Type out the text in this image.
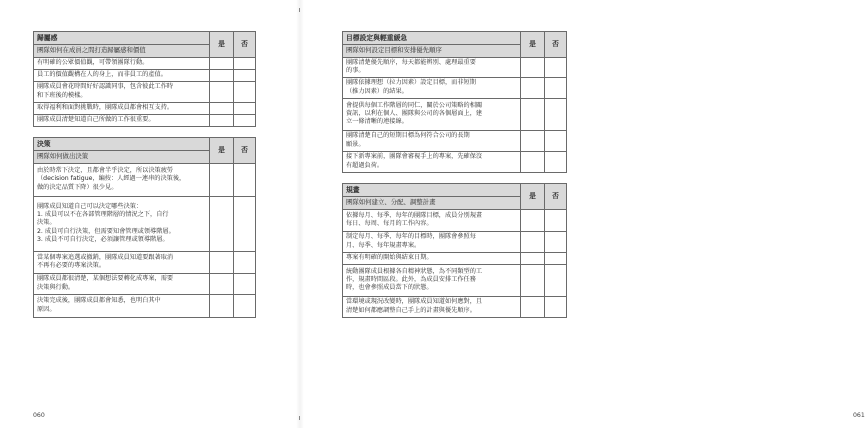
歸屬感	是	否
團隊如何在成員之間打造歸屬感和價值		
有明確的公眾價值觀，可帶領團隊行動。		
員工的價值觀構在人的身上，而非員工的產值。		
團隊成員會花時間好好認識同事，包含彼此工作時
和下班後的模樣。		
取得福利和面對挑戰時，團隊成員都會相互支持。		
團隊成員清楚知道自己所做的工作很重要。		

決策	是	否
團隊如何做出決策		
由於時常下決定，且都會半乎決定，所以決策疲勞
（decision fatigue，編按：人經過一連串的決策後，
做的決定品質下降）很少見。		
團隊成員知道自己可以決定哪些決策：
1. 成員可以不在各部管理階層的情況之下，自行
決策。
2. 成員可自行決策，但需要知會管理或領導階層。
3. 成員不可自行決定，必須讓管理或領導階層。		
當某個專案追選或撤銷，團隊成員知道要跟著取消
不再有必要的專案決策。		
團隊成員都很清楚，某個想法要轉化成專案，需要
決策與行動。		
決策完成後，團隊成員都會知悉，也明白其中
原因。		
060
目標設定與輕重緩急	是	否
團隊如何設定目標和安排優先順序		
團隊清楚優先順序，每天都能辨別、處理最重要
的事。		
團隊依據理想（拉力因素）設定目標，而非短期
（推力因素）的結果。		
會提供每個工作階層的同仁，關於公司策略的相關
資訊，以利在個人、團隊與公司的各個層面上，建
立一條清晰的連接線。		
團隊清楚自己的短期目標為何符合公司的長期
願景。		
接下新專案前，團隊會審視手上的專案，先確保沒
有超過負荷。		

規畫	是	否
團隊如何建立、分配、調整計畫		
依據每月、每季、每年的團隊目標，成員分別規畫
每日、每周、每月的工作內容。		
制定每月、每季、每年的目標時，團隊會參照每
月、每季、每年規畫專案。		
專案有明確的開始與結束日期。		
統動團隊成員根據各自精神狀態，為不同類型的工
作，規畫時間區段。此外，為成員安排工作任務
時，也會參照成員當下的狀態。		
當環境或現況改變時，團隊成員知道如何應對，且
清楚如何都應調整自己手上的計畫與優先順序。		
061
